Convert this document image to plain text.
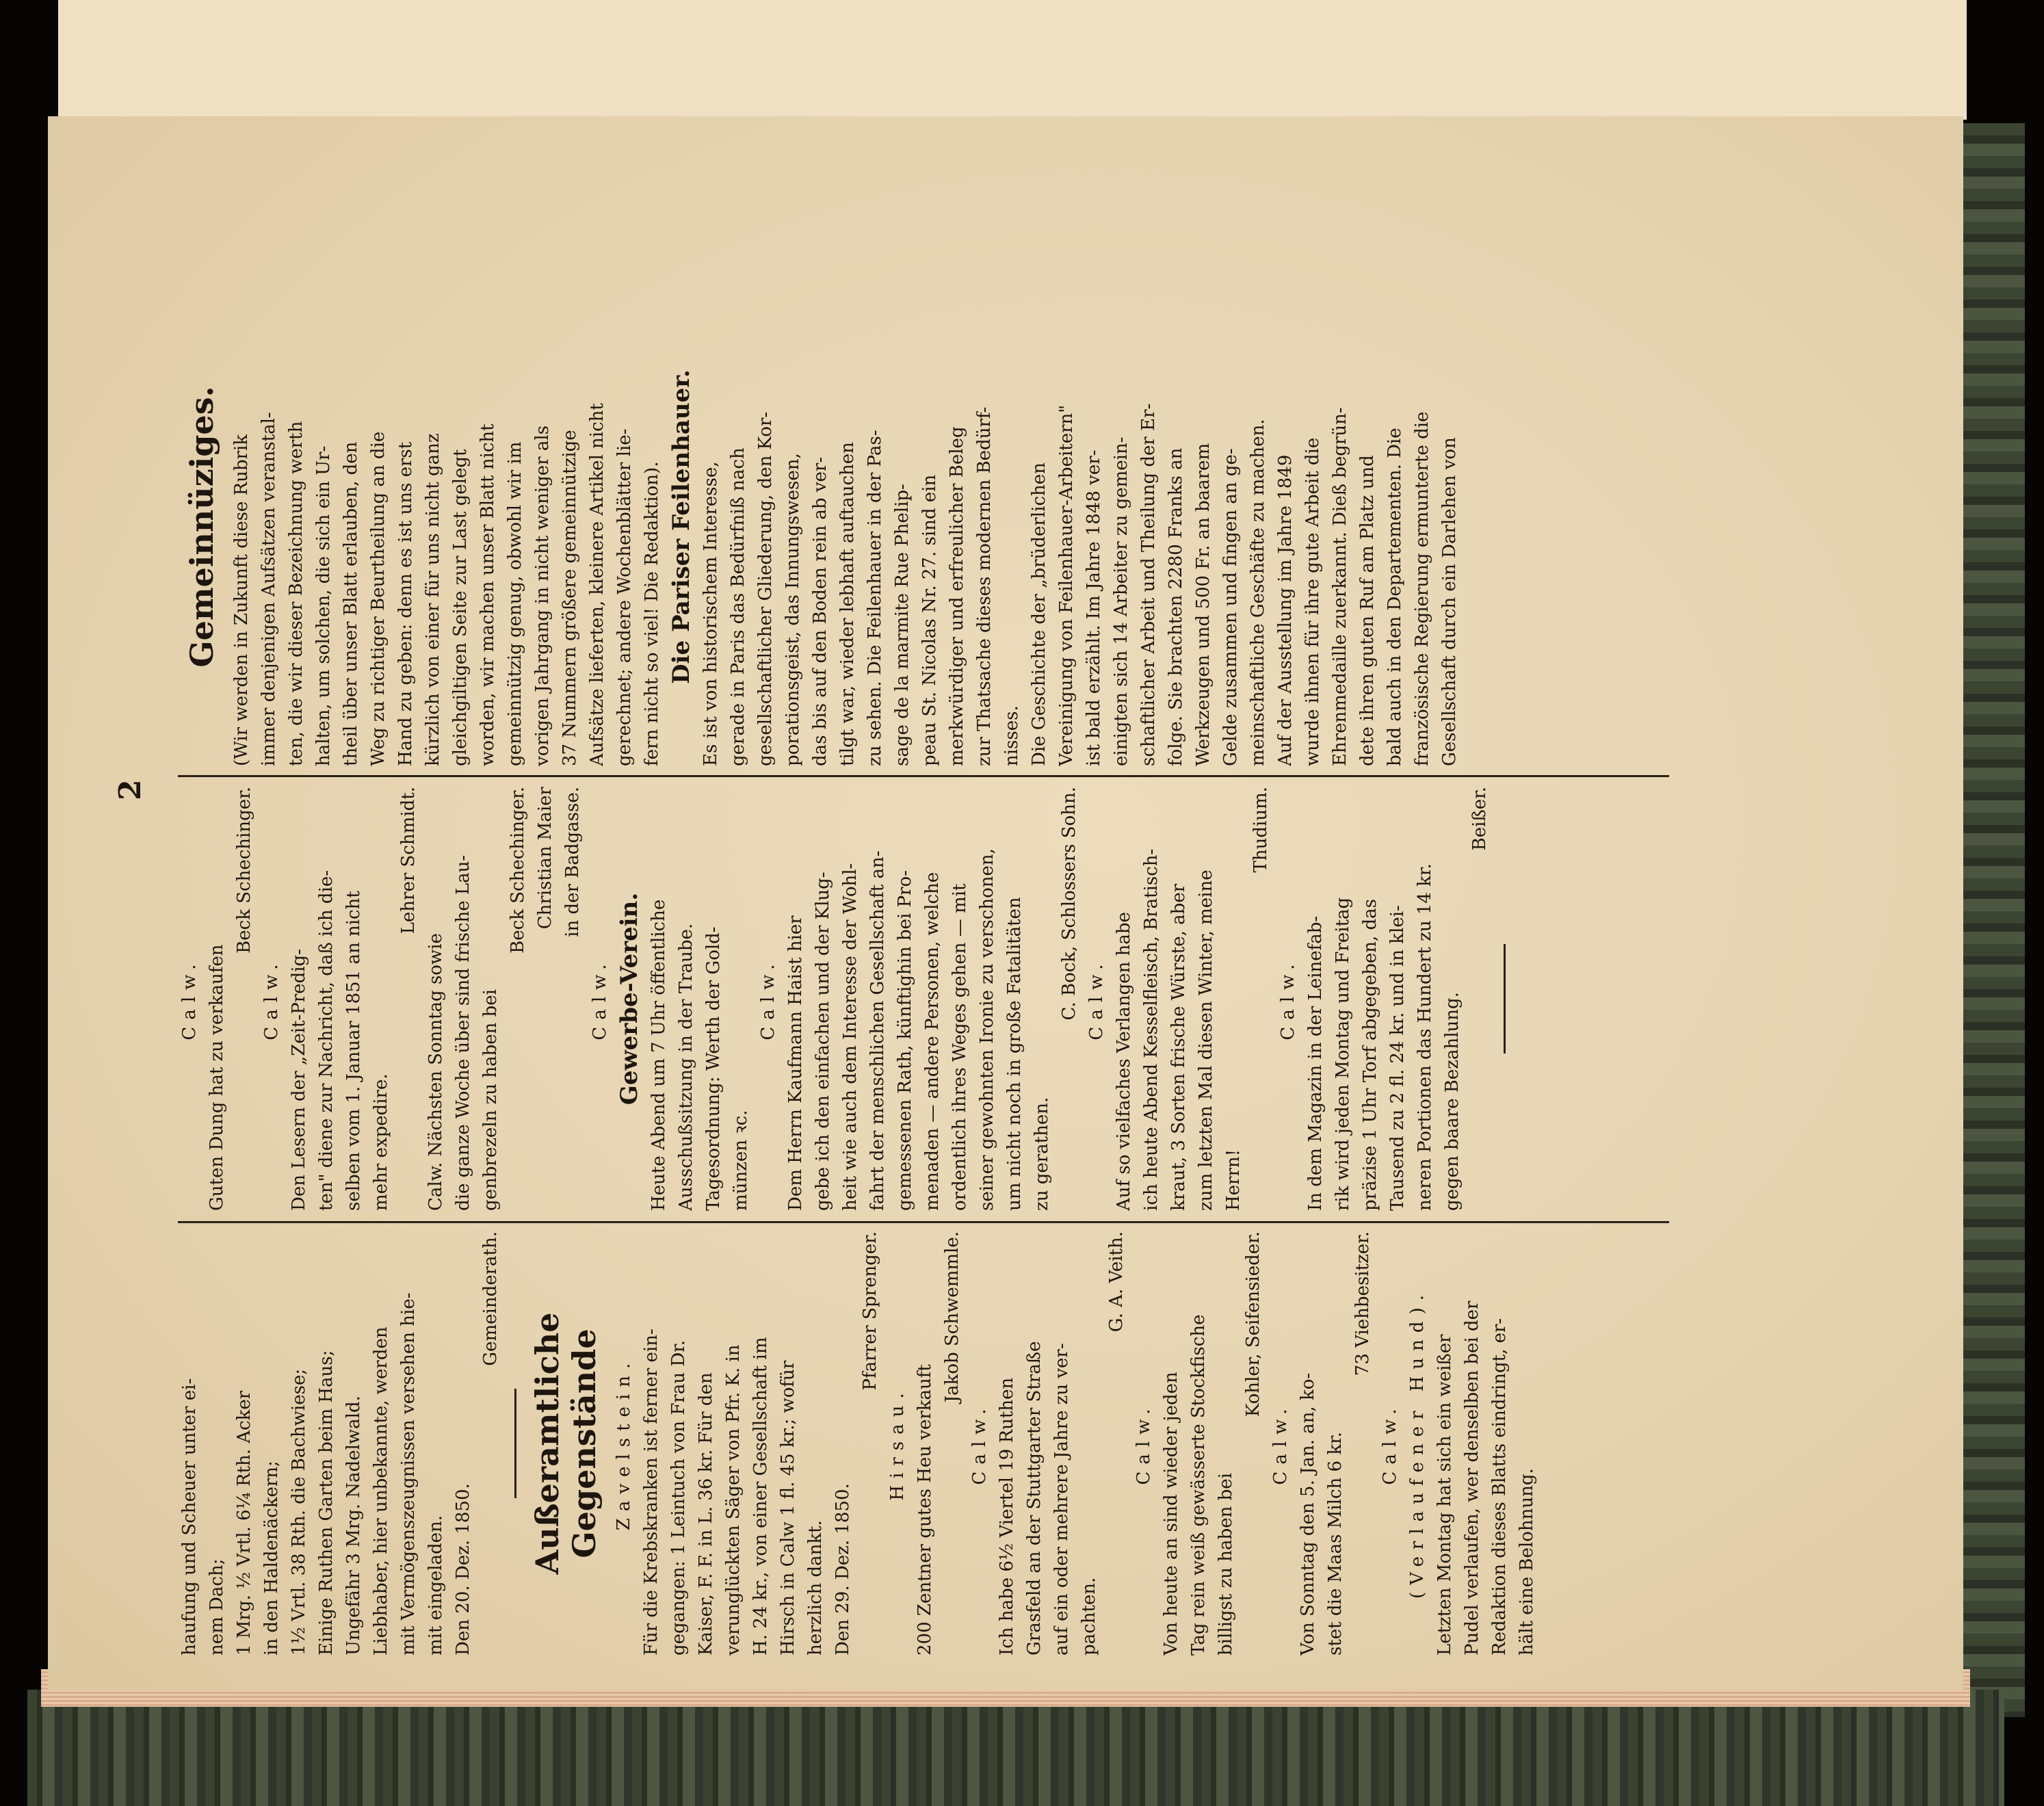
2

haufung und Scheuer unter ei- nem Dach; 1 Mrg. ½ Vrtl. 6¼ Rth. Acker in den Haldenäckern; 1½ Vrtl. 38 Rth. die Bachwiese; Einige Ruthen Garten beim Haus; Ungefähr 3 Mrg. Nadelwald. Liebhaber, hier unbekannte, werden mit Vermögenszeugnissen versehen hie- mit eingeladen. Den 20. Dez. 1850.

Gemeinderath.

Außeramtliche Gegenstände Zavelstein. Für die Krebskranken ist ferner ein- gegangen: 1 Leintuch von Frau Dr. Kaiser, F. F. in L. 36 kr. Für den verunglückten Säger von Pfr. K. in H. 24 kr., von einer Gesellschaft im Hirsch in Calw 1 fl. 45 kr.; wofür herzlich dankt. Den 29. Dez. 1850.

Pfarrer Sprenger.

Hirsau. 200 Zentner gutes Heu verkauft

Jakob Schwemmle.

Calw. Ich habe 6½ Viertel 19 Ruthen Grasfeld an der Stuttgarter Straße auf ein oder mehrere Jahre zu ver- pachten.

G. A. Veith.

Calw. Von heute an sind wieder jeden Tag rein weiß gewässerte Stockfische billigst zu haben bei

Kohler, Seifensieder.

Calw. Von Sonntag den 5. Jan. an, ko- stet die Maas Milch 6 kr.

73 Viehbesitzer.

Calw. (Verlaufener Hund). Letzten Montag hat sich ein weißer Pudel verlaufen, wer denselben bei der Redaktion dieses Blatts eindringt, er- hält eine Belohnung.

Calw. Guten Dung hat zu verkaufen

Beck Schechinger.

Calw. Den Lesern der „Zeit-Predig- ten" diene zur Nachricht, daß ich die- selben vom 1. Januar 1851 an nicht mehr expedire.

Lehrer Schmidt.

Calw. Nächsten Sonntag sowie die ganze Woche über sind frische Lau- genbrezeln zu haben bei

Beck Schechinger. Christian Maier in der Badgasse.

Calw. Gewerbe-Verein. Heute Abend um 7 Uhr öffentliche Ausschußsitzung in der Traube. Tagesordnung: Werth der Gold- münzen ꝛc.

Calw. Dem Herrn Kaufmann Haist hier gebe ich den einfachen und der Klug- heit wie auch dem Interesse der Wohl- fahrt der menschlichen Gesellschaft an- gemessenen Rath, künftighin bei Pro- menaden — andere Personen, welche ordentlich ihres Weges gehen — mit seiner gewohnten Ironie zu verschonen, um nicht noch in große Fatalitäten zu gerathen.

C. Bock, Schlossers Sohn. Calw. Auf so vielfaches Verlangen habe ich heute Abend Kesselfleisch, Bratisch- kraut, 3 Sorten frische Würste, aber zum letzten Mal diesen Winter, meine Herrn!

Thudium.

Calw. In dem Magazin in der Leinefab- rik wird jeden Montag und Freitag präzise 1 Uhr Torf abgegeben, das Tausend zu 2 fl. 24 kr. und in klei- neren Portionen das Hundert zu 14 kr. gegen baare Bezahlung.

Beißer.

Gemeinnüziges. (Wir werden in Zukunft diese Rubrik immer denjenigen Aufsätzen veranstal- ten, die wir dieser Bezeichnung werth halten, um solchen, die sich ein Ur- theil über unser Blatt erlauben, den Weg zu richtiger Beurtheilung an die Hand zu geben: denn es ist uns erst kürzlich von einer für uns nicht ganz gleichgiltigen Seite zur Last gelegt worden, wir machen unser Blatt nicht gemeinnützig genug, obwohl wir im vorigen Jahrgang in nicht weniger als 37 Nummern größere gemeinnützige Aufsätze lieferten, kleinere Artikel nicht gerechnet; andere Wochenblätter lie- fern nicht so viel! Die Redaktion). Die Pariser Feilenhauer. Es ist von historischem Interesse, gerade in Paris das Bedürfniß nach gesellschaftlicher Gliederung, den Kor- porationsgeist, das Innungswesen, das bis auf den Boden rein ab ver- tilgt war, wieder lebhaft auftauchen zu sehen. Die Feilenhauer in der Pas- sage de la marmite Rue Phelip- peau St. Nicolas Nr. 27. sind ein merkwürdiger und erfreulicher Beleg zur Thatsache dieses modernen Bedürf- nisses. Die Geschichte der „brüderlichen Vereinigung von Feilenhauer-Arbeitern" ist bald erzählt. Im Jahre 1848 ver- einigten sich 14 Arbeiter zu gemein- schaftlicher Arbeit und Theilung der Er- folge. Sie brachten 2280 Franks an Werkzeugen und 500 Fr. an baarem Gelde zusammen und fingen an ge- meinschaftliche Geschäfte zu machen. Auf der Ausstellung im Jahre 1849 wurde ihnen für ihre gute Arbeit die Ehrenmedaille zuerkannt. Dieß begrün- dete ihren guten Ruf am Platz und bald auch in den Departementen. Die französische Regierung ermunterte die Gesellschaft durch ein Darlehen von
